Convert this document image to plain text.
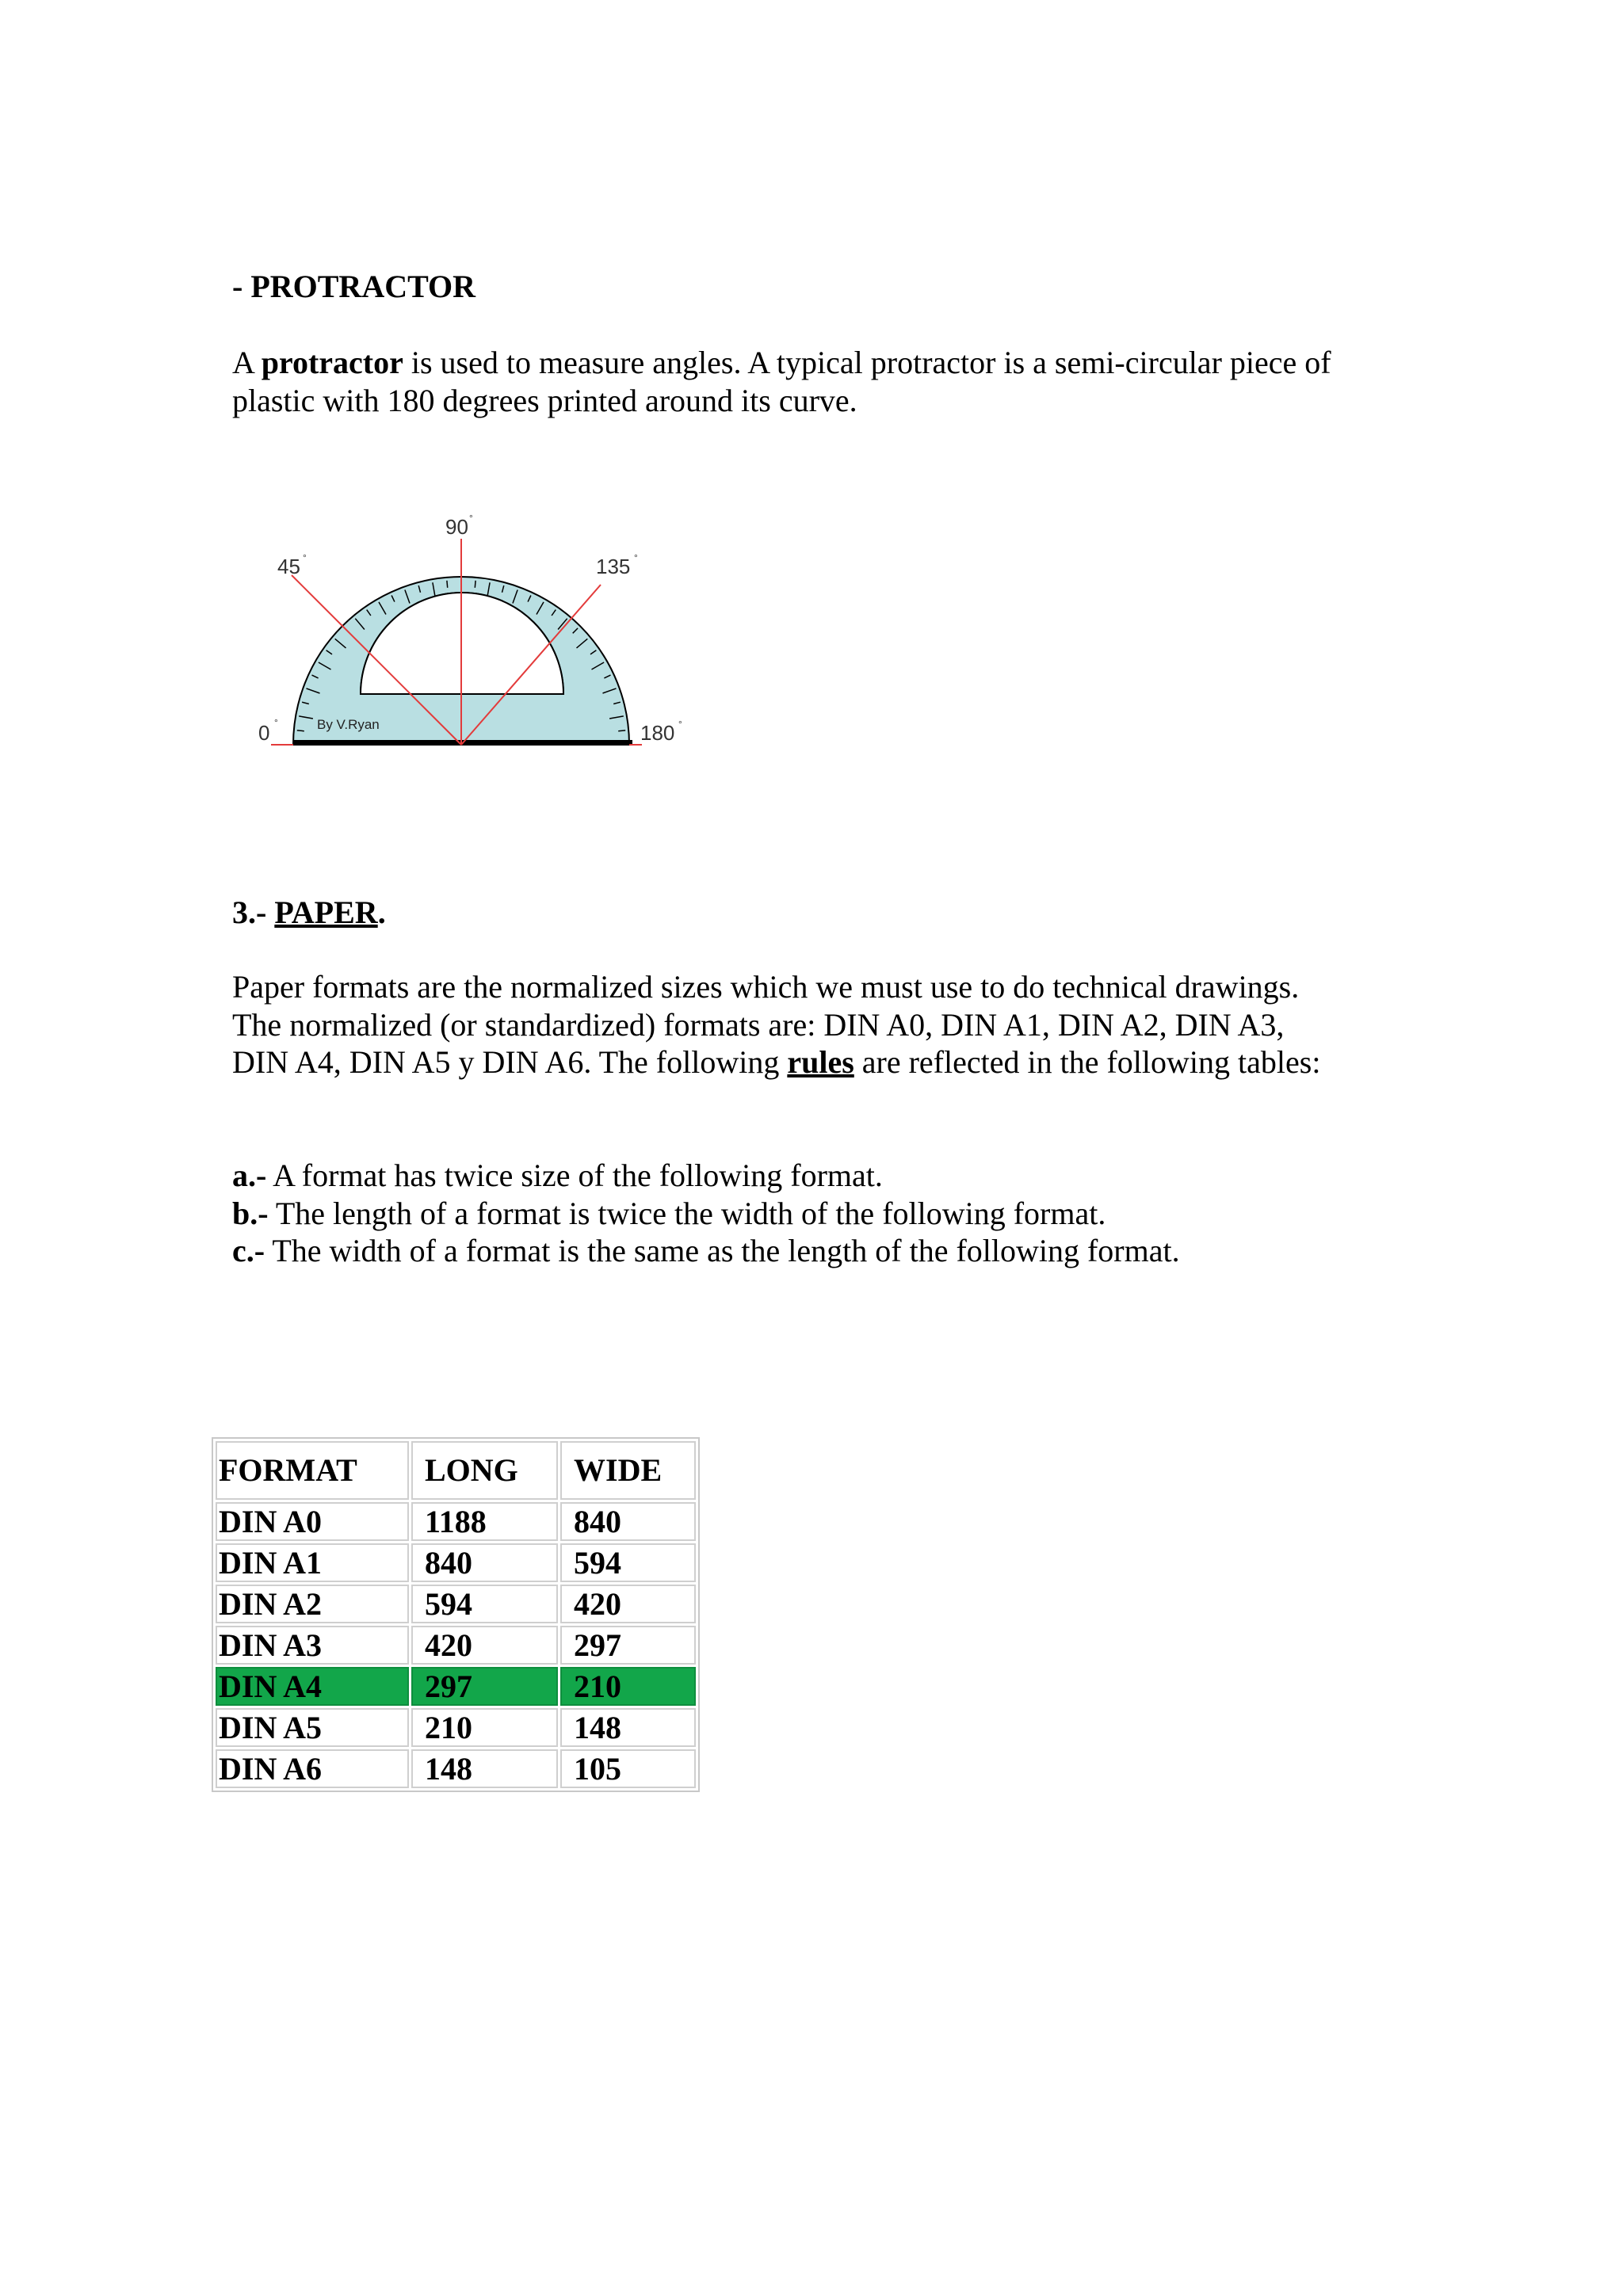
- PROTRACTOR
A protractor is used to measure angles. A typical protractor is a semi-circular piece of
plastic with 180 degrees printed around its curve.
0 °
45 °
90 °
135 °
180 °
By V.Ryan
3.- PAPER.
Paper formats are the normalized sizes which we must use to do technical drawings.
The normalized (or standardized) formats are: DIN A0, DIN A1, DIN A2, DIN A3,
DIN A4, DIN A5 y DIN A6. The following rules are reflected in the following tables:
a.- A format has twice size of the following format.
b.- The length of a format is twice the width of the following format.
c.- The width of a format is the same as the length of the following format.
FORMAT	LONG	WIDE
DIN A0	1188	840
DIN A1	840	594
DIN A2	594	420
DIN A3	420	297
DIN A4	297	210
DIN A5	210	148
DIN A6	148	105
